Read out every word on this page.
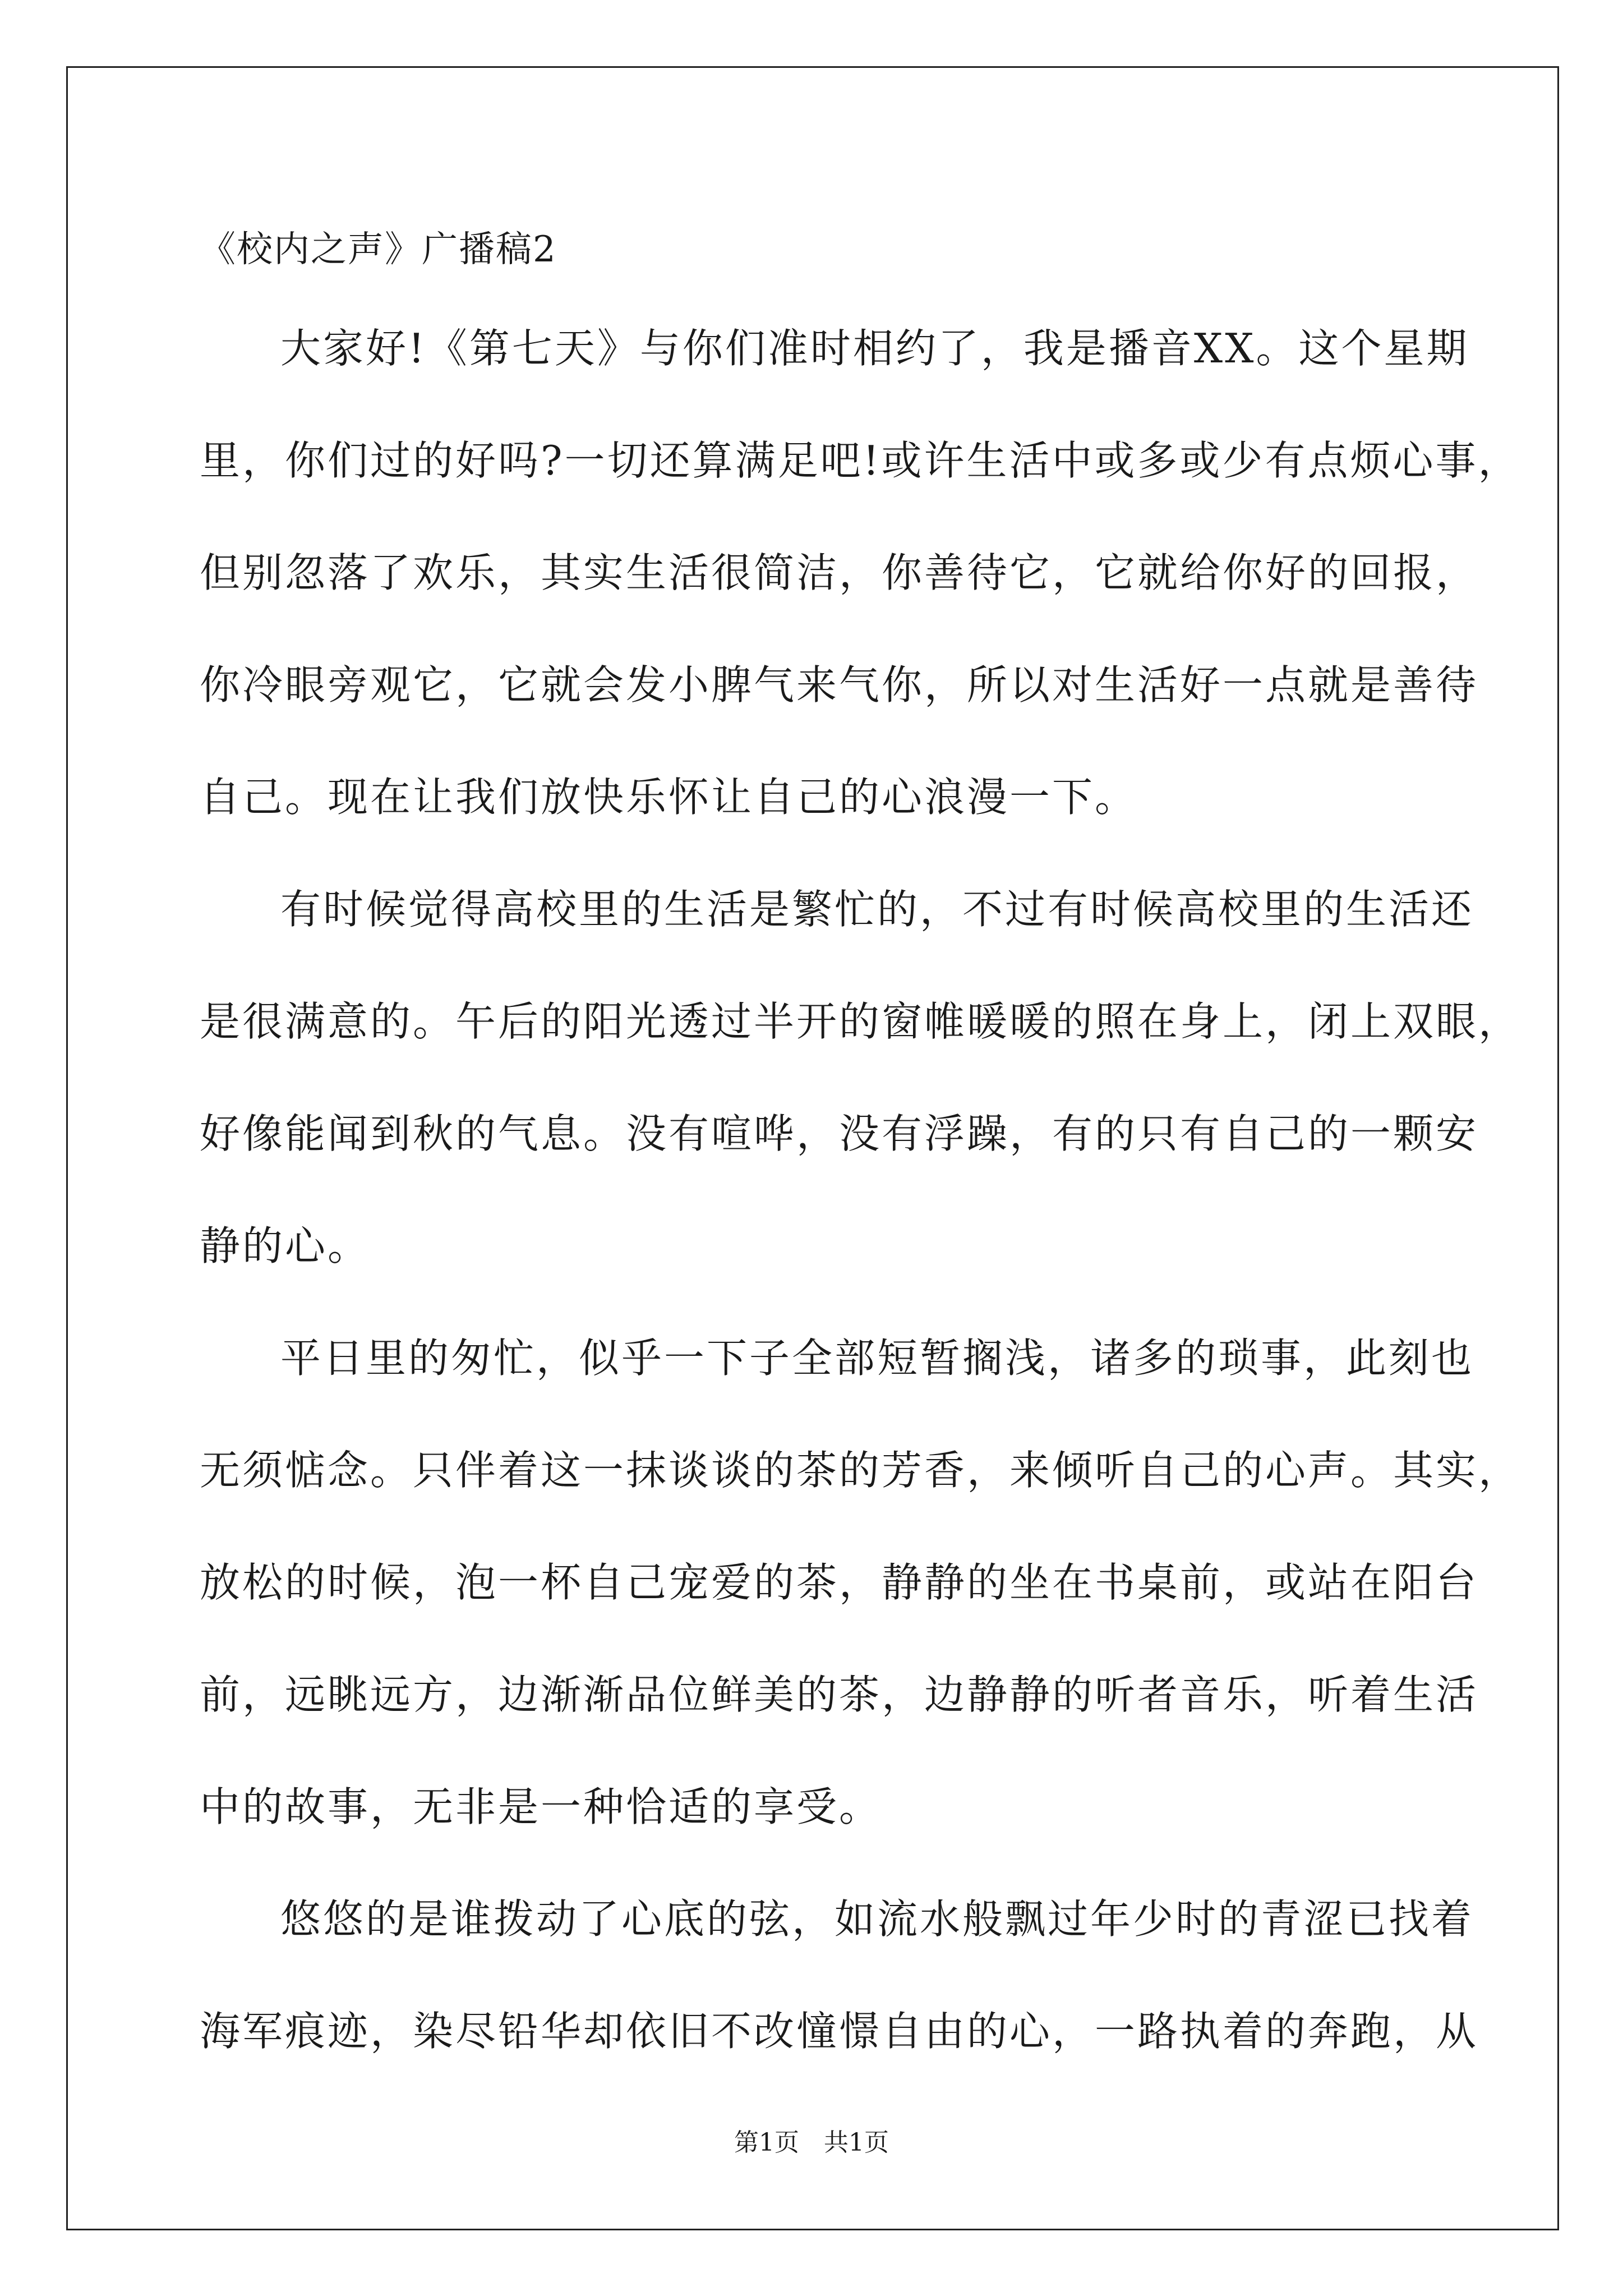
《校内之声》广播稿2

大家好!《第七天》与你们准时相约了，我是播音XX。这个星期

里，你们过的好吗?一切还算满足吧!或许生活中或多或少有点烦心事，

但别忽落了欢乐，其实生活很简洁，你善待它，它就给你好的回报，

你冷眼旁观它，它就会发小脾气来气你，所以对生活好一点就是善待

自己。现在让我们放快乐怀让自己的心浪漫一下。

有时候觉得高校里的生活是繁忙的，不过有时候高校里的生活还

是很满意的。午后的阳光透过半开的窗帷暖暖的照在身上，闭上双眼，

好像能闻到秋的气息。没有喧哗，没有浮躁，有的只有自己的一颗安

静的心。

平日里的匆忙，似乎一下子全部短暂搁浅，诸多的琐事，此刻也

无须惦念。只伴着这一抹谈谈的茶的芳香，来倾听自己的心声。其实，

放松的时候，泡一杯自己宠爱的茶，静静的坐在书桌前，或站在阳台

前，远眺远方，边渐渐品位鲜美的茶，边静静的听者音乐，听着生活

中的故事，无非是一种恰适的享受。

悠悠的是谁拨动了心底的弦，如流水般飘过年少时的青涩已找着

海军痕迹，染尽铅华却依旧不改憧憬自由的心，一路执着的奔跑，从

第1页　共1页
